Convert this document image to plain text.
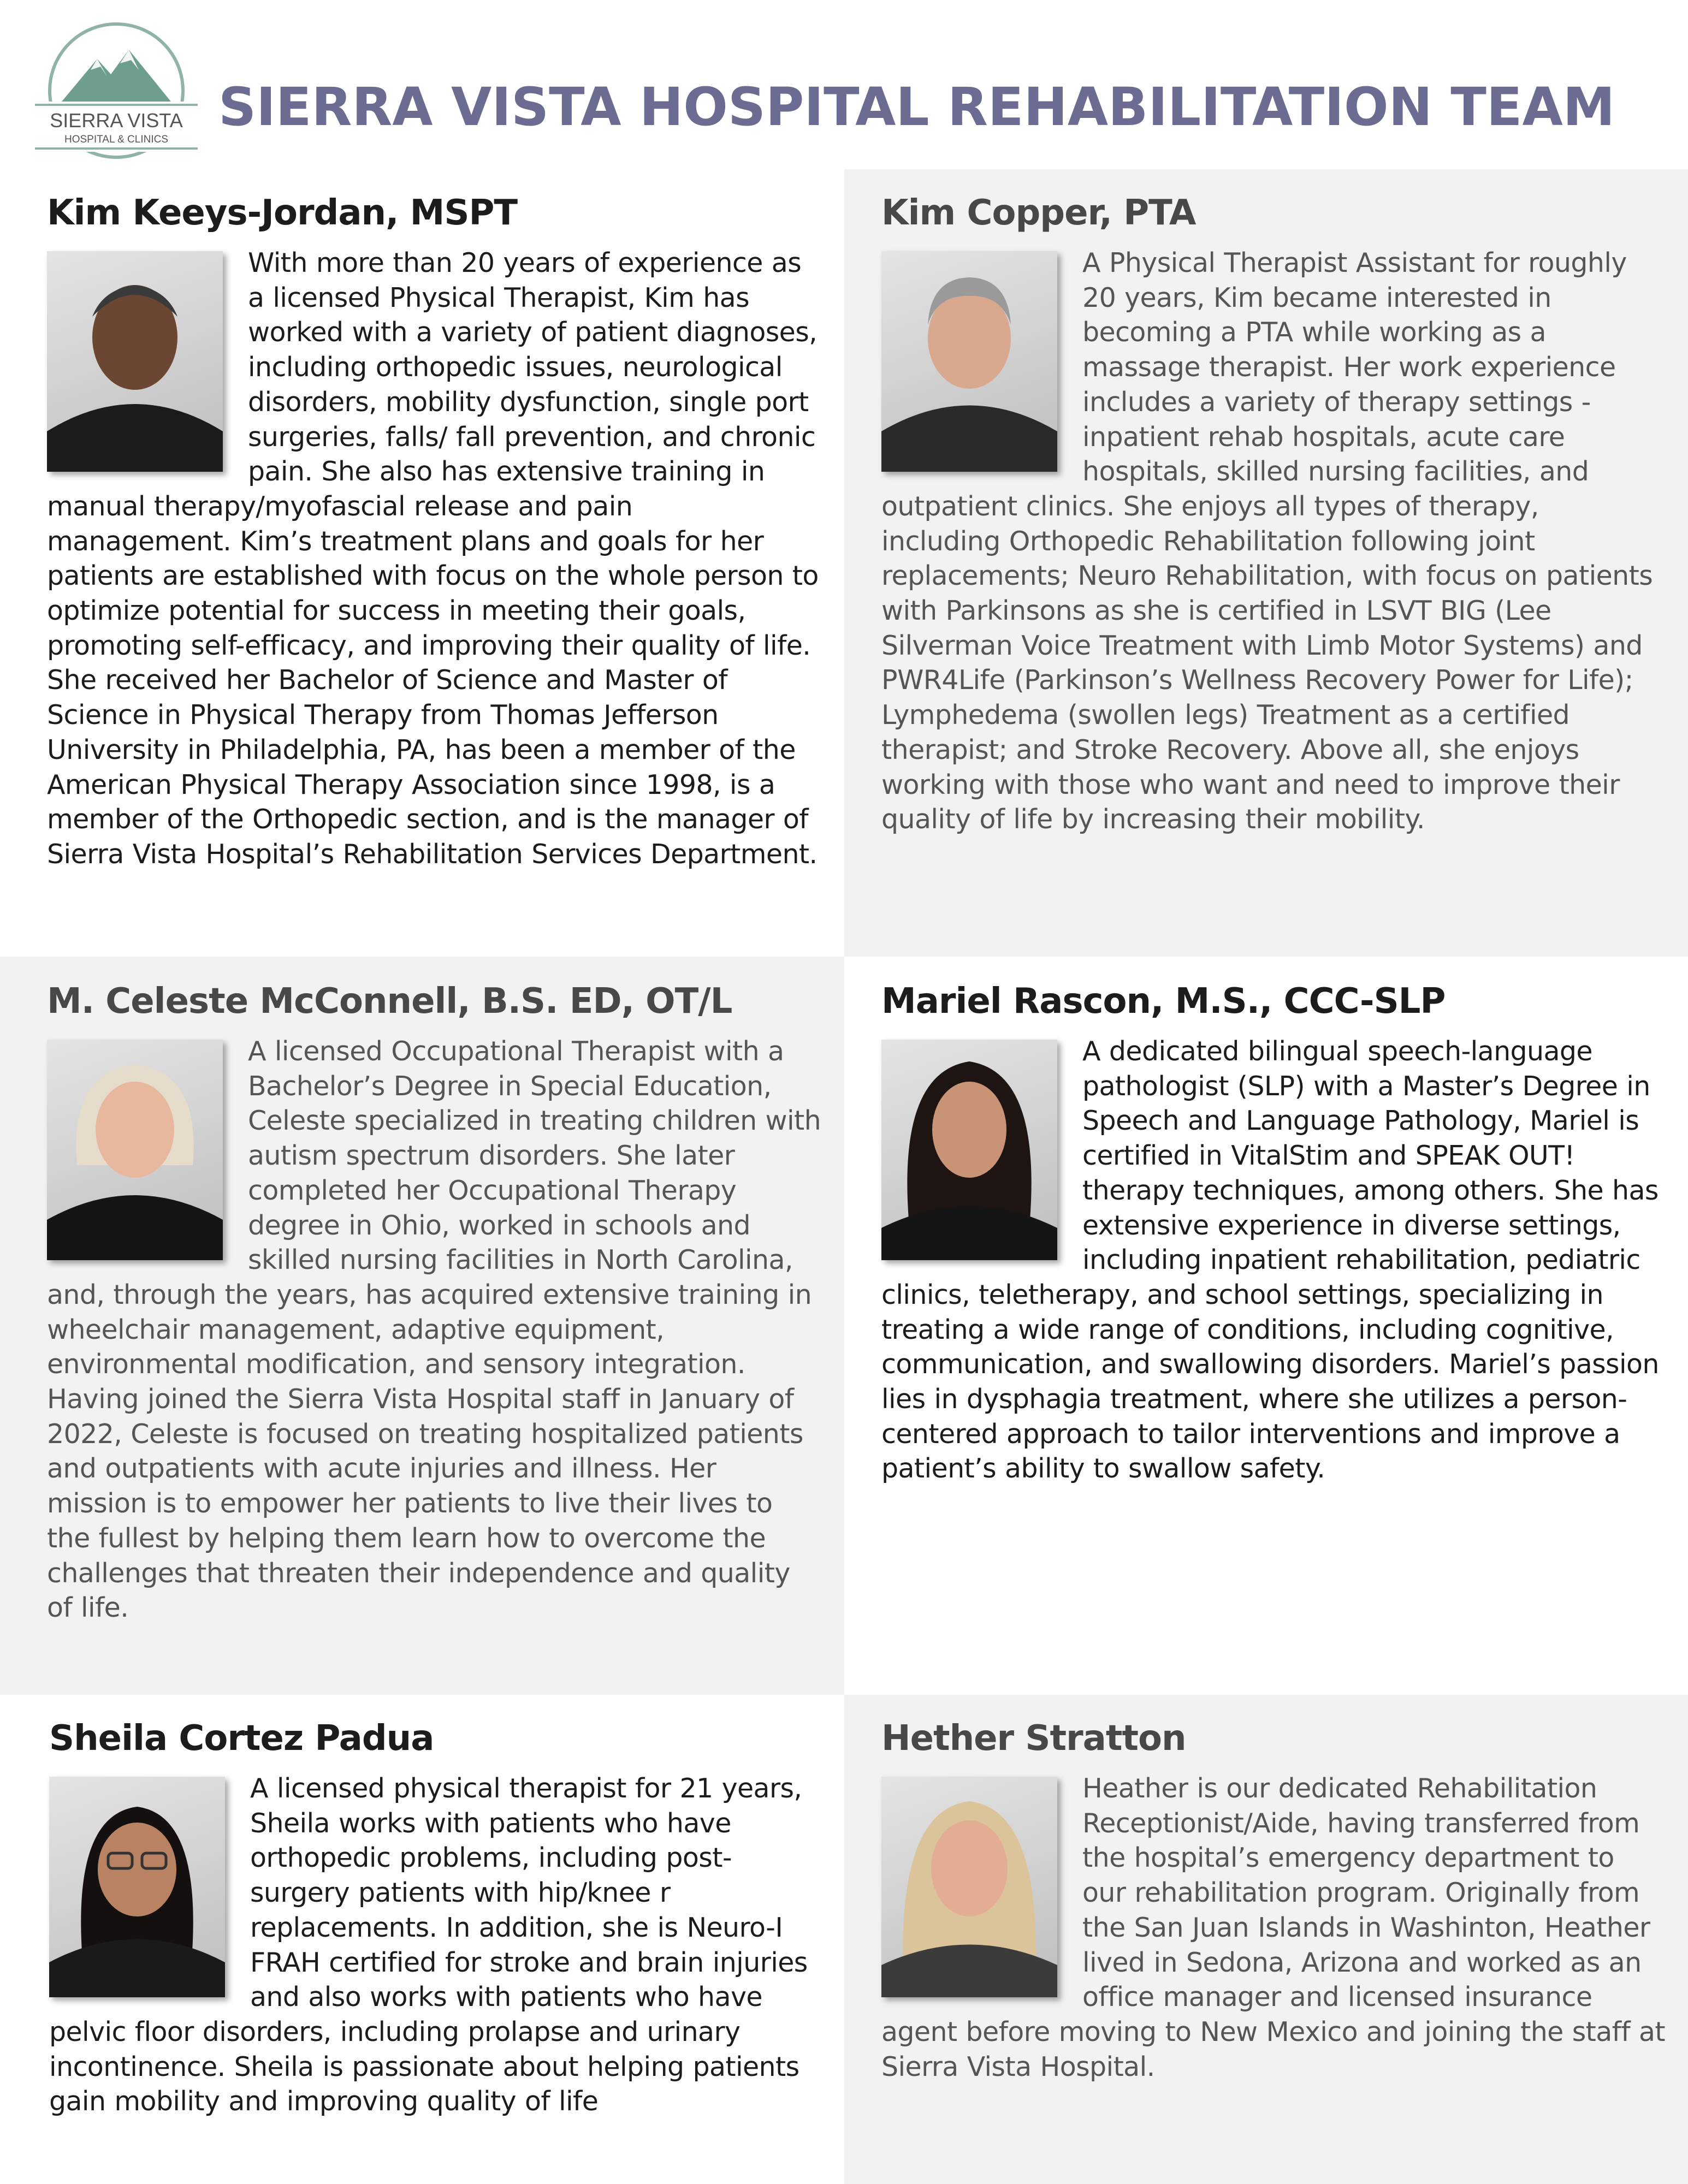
SIERRA VISTA
HOSPITAL & CLINICS
SIERRA VISTA HOSPITAL REHABILITATION TEAM
Kim Keeys-Jordan, MSPT
With more than 20 years of experience as a licensed Physical Therapist, Kim has worked with a variety of patient diagnoses, including orthopedic issues, neurological disorders, mobility dysfunction, single port surgeries, falls/ fall prevention, and chronic pain. She also has extensive training in manual therapy/myofascial release and pain management. Kim’s treatment plans and goals for her patients are established with focus on the whole person to optimize potential for success in meeting their goals, promoting self-efficacy, and improving their quality of life. She received her Bachelor of Science and Master of Science in Physical Therapy from Thomas Jefferson University in Philadelphia, PA, has been a member of the American Physical Therapy Association since 1998, is a member of the Orthopedic section, and is the manager of Sierra Vista Hospital’s Rehabilitation Services Department.
Kim Copper, PTA
A Physical Therapist Assistant for roughly 20 years, Kim became interested in becoming a PTA while working as a massage therapist. Her work experience includes a variety of therapy settings - inpatient rehab hospitals, acute care hospitals, skilled nursing facilities, and outpatient clinics. She enjoys all types of therapy, including Orthopedic Rehabilitation following joint replacements; Neuro Rehabilitation, with focus on patients with Parkinsons as she is certified in LSVT BIG (Lee Silverman Voice Treatment with Limb Motor Systems) and PWR4Life (Parkinson’s Wellness Recovery Power for Life); Lymphedema (swollen legs) Treatment as a certified therapist; and Stroke Recovery. Above all, she enjoys working with those who want and need to improve their quality of life by increasing their mobility.
M. Celeste McConnell, B.S. ED, OT/L
A licensed Occupational Therapist with a Bachelor’s Degree in Special Education, Celeste specialized in treating children with autism spectrum disorders. She later completed her Occupational Therapy degree in Ohio, worked in schools and skilled nursing facilities in North Carolina, and, through the years, has acquired extensive training in wheelchair management, adaptive equipment, environmental modification, and sensory integration. Having joined the Sierra Vista Hospital staff in January of 2022, Celeste is focused on treating hospitalized patients and outpatients with acute injuries and illness. Her mission is to empower her patients to live their lives to the fullest by helping them learn how to overcome the challenges that threaten their independence and quality of life.
Mariel Rascon, M.S., CCC-SLP
A dedicated bilingual speech-language pathologist (SLP) with a Master’s Degree in Speech and Language Pathology, Mariel is certified in VitalStim and SPEAK OUT! therapy techniques, among others. She has extensive experience in diverse settings, including inpatient rehabilitation, pediatric clinics, teletherapy, and school settings, specializing in treating a wide range of conditions, including cognitive, communication, and swallowing disorders. Mariel’s passion lies in dysphagia treatment, where she utilizes a person-centered approach to tailor interventions and improve a patient’s ability to swallow safety.
Sheila Cortez Padua
A licensed physical therapist for 21 years, Sheila works with patients who have orthopedic problems, including post-surgery patients with hip/knee r replacements. In addition, she is Neuro-I FRAH certified for stroke and brain injuries and also works with patients who have pelvic floor disorders, including prolapse and urinary incontinence. Sheila is passionate about helping patients gain mobility and improving quality of life
Hether Stratton
Heather is our dedicated Rehabilitation Receptionist/Aide, having transferred from the hospital’s emergency department to our rehabilitation program. Originally from the San Juan Islands in Washinton, Heather lived in Sedona, Arizona and worked as an office manager and licensed insurance agent before moving to New Mexico and joining the staff at Sierra Vista Hospital.
